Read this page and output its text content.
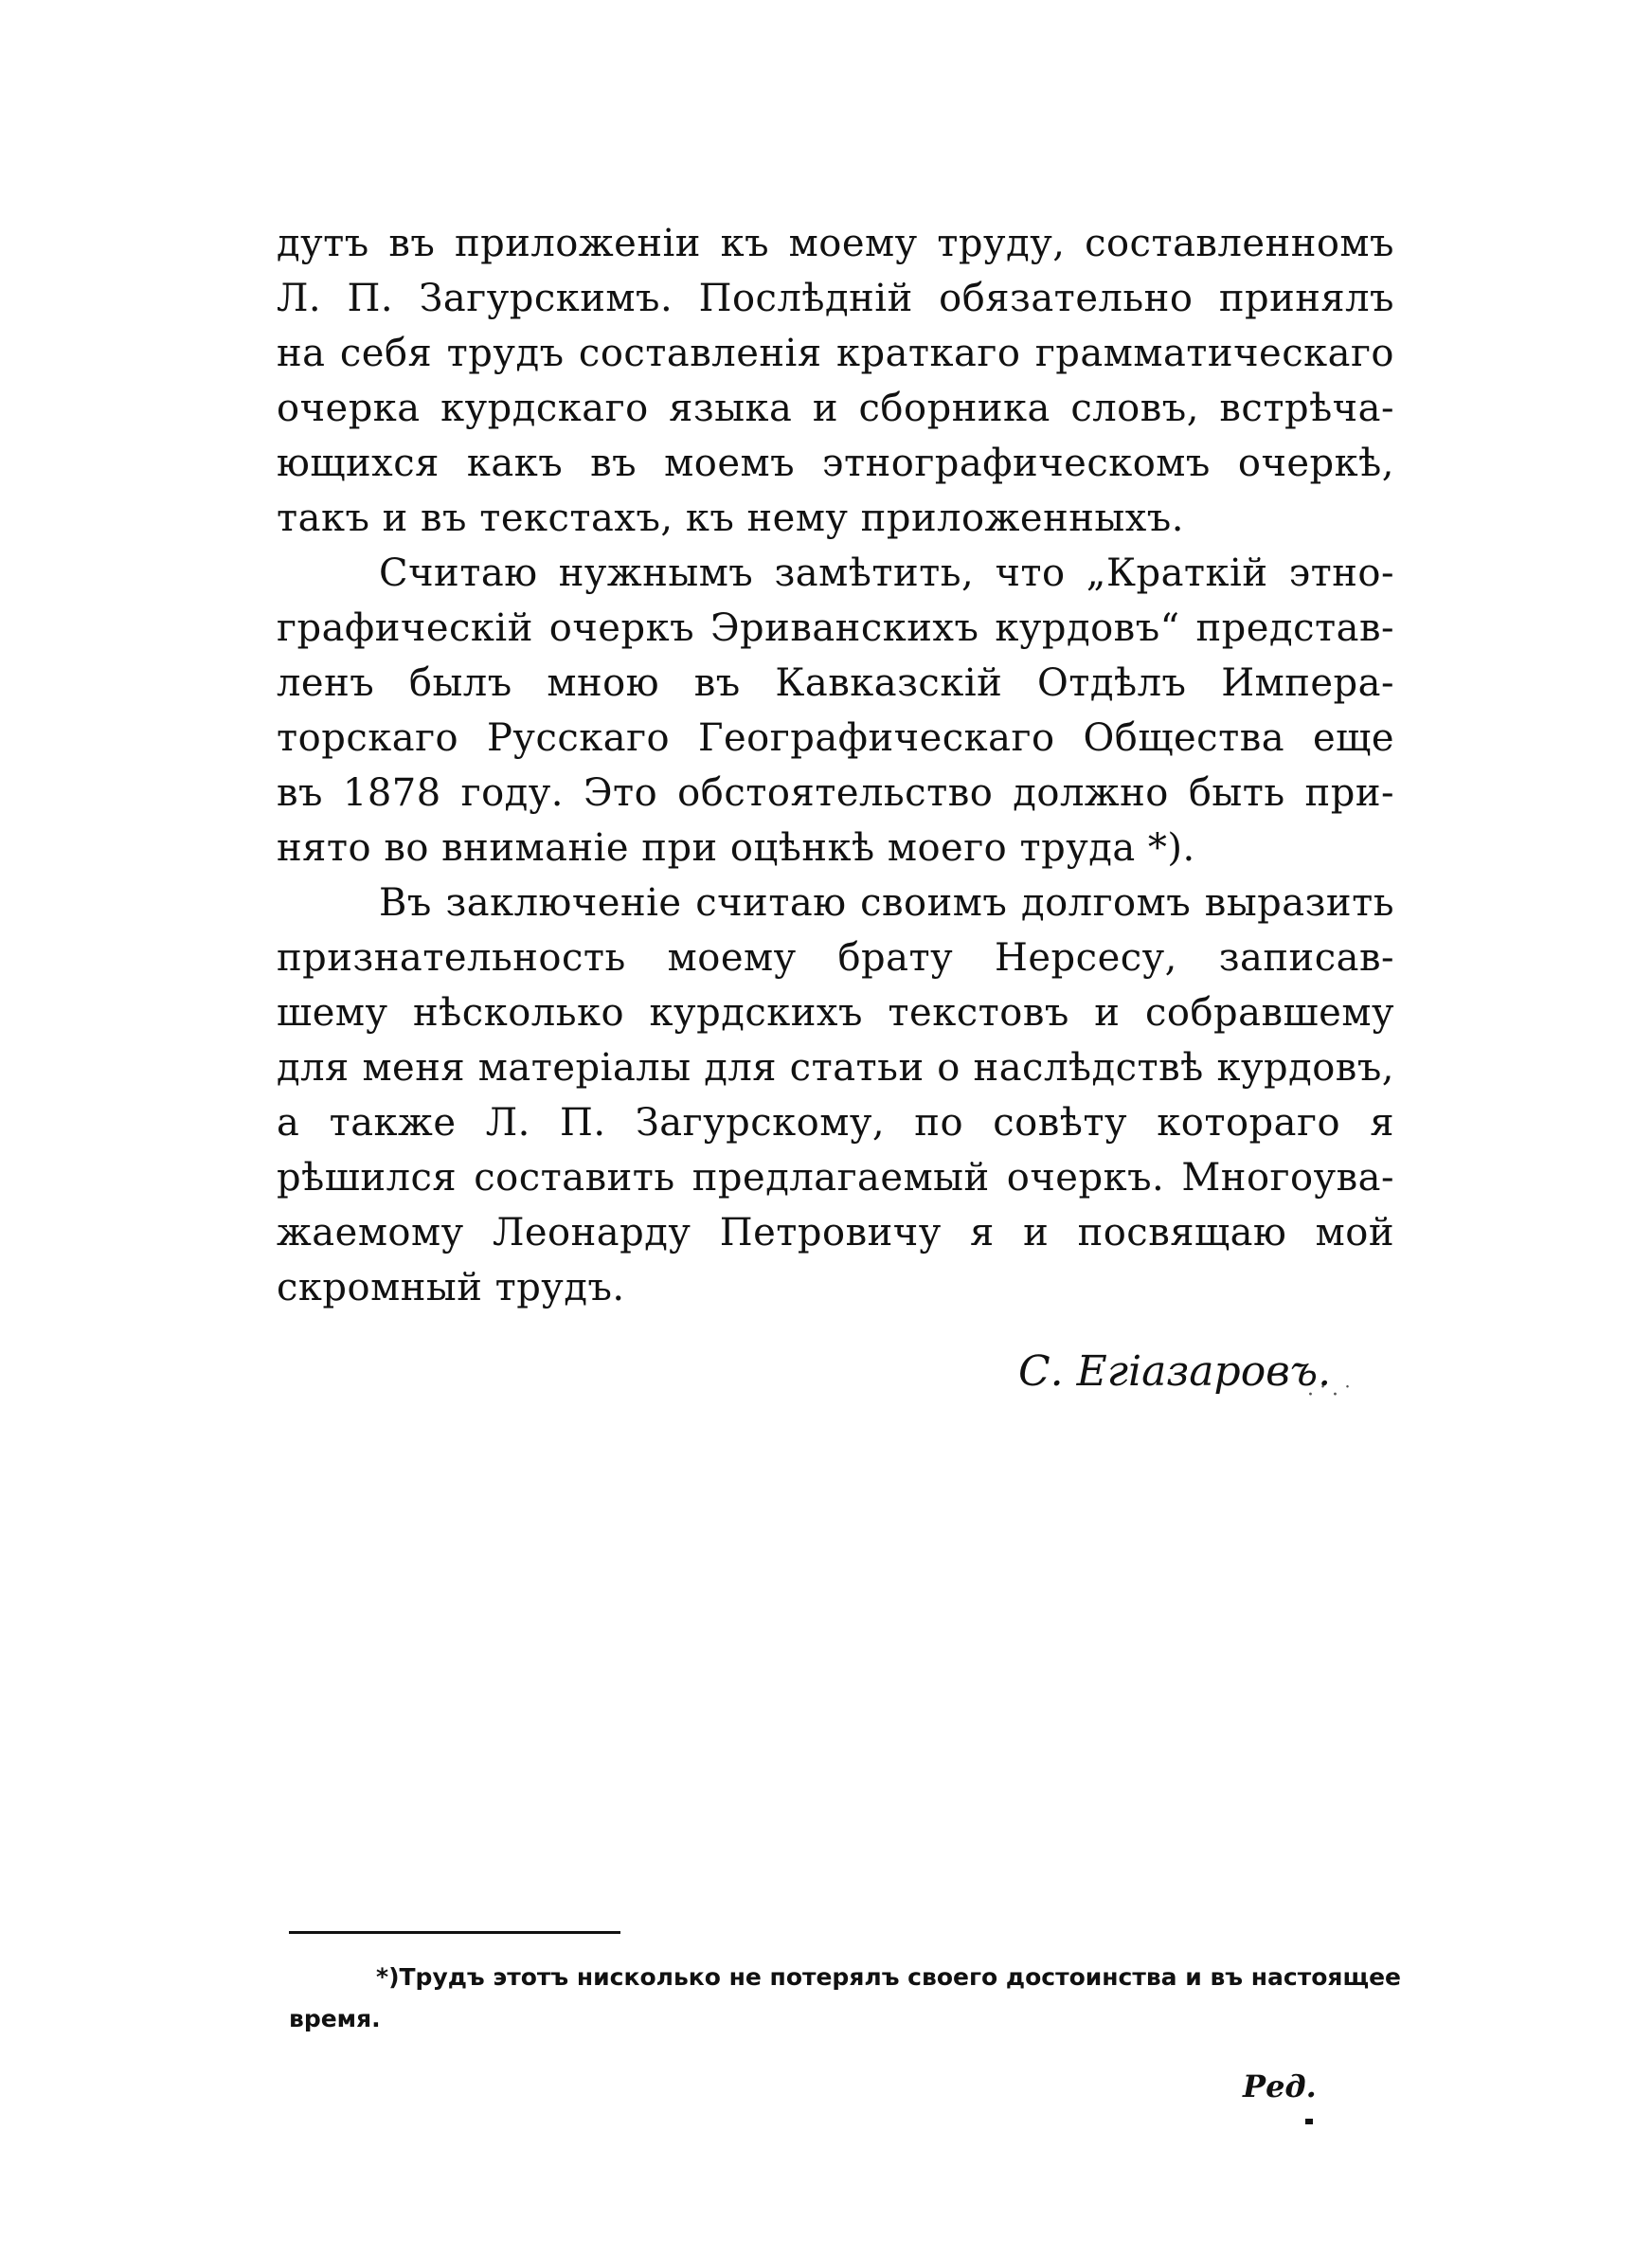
дутъ въ приложеніи къ моему труду, составленномъ
Л. П. Загурскимъ. Послѣдній обязательно принялъ
на себя трудъ составленія краткаго грамматическаго
очерка курдскаго языка и сборника словъ, встрѣча-
ющихся какъ въ моемъ этнографическомъ очеркѣ,
такъ и въ текстахъ, къ нему приложенныхъ.
Считаю нужнымъ замѣтить, что „Краткій этно-
графическій очеркъ Эриванскихъ курдовъ“ представ-
ленъ былъ мною въ Кавказскій Отдѣлъ Импера-
торскаго Русскаго Географическаго Общества еще
въ 1878 году. Это обстоятельство должно быть при-
нято во вниманіе при оцѣнкѣ моего труда *).
Въ заключеніе считаю своимъ долгомъ выразить
признательность моему брату Нерсесу, записав-
шему нѣсколько курдскихъ текстовъ и собравшему
для меня матеріалы для статьи о наслѣдствѣ курдовъ,
а также Л. П. Загурскому, по совѣту котораго я
рѣшился составить предлагаемый очеркъ. Многоува-
жаемому Леонарду Петровичу я и посвящаю мой
скромный трудъ.
С. Егіазаровъ.
·˙·˙
*)Трудъ этотъ нисколько не потерялъ своего достоинства и въ настоящее
время.
Ред.
